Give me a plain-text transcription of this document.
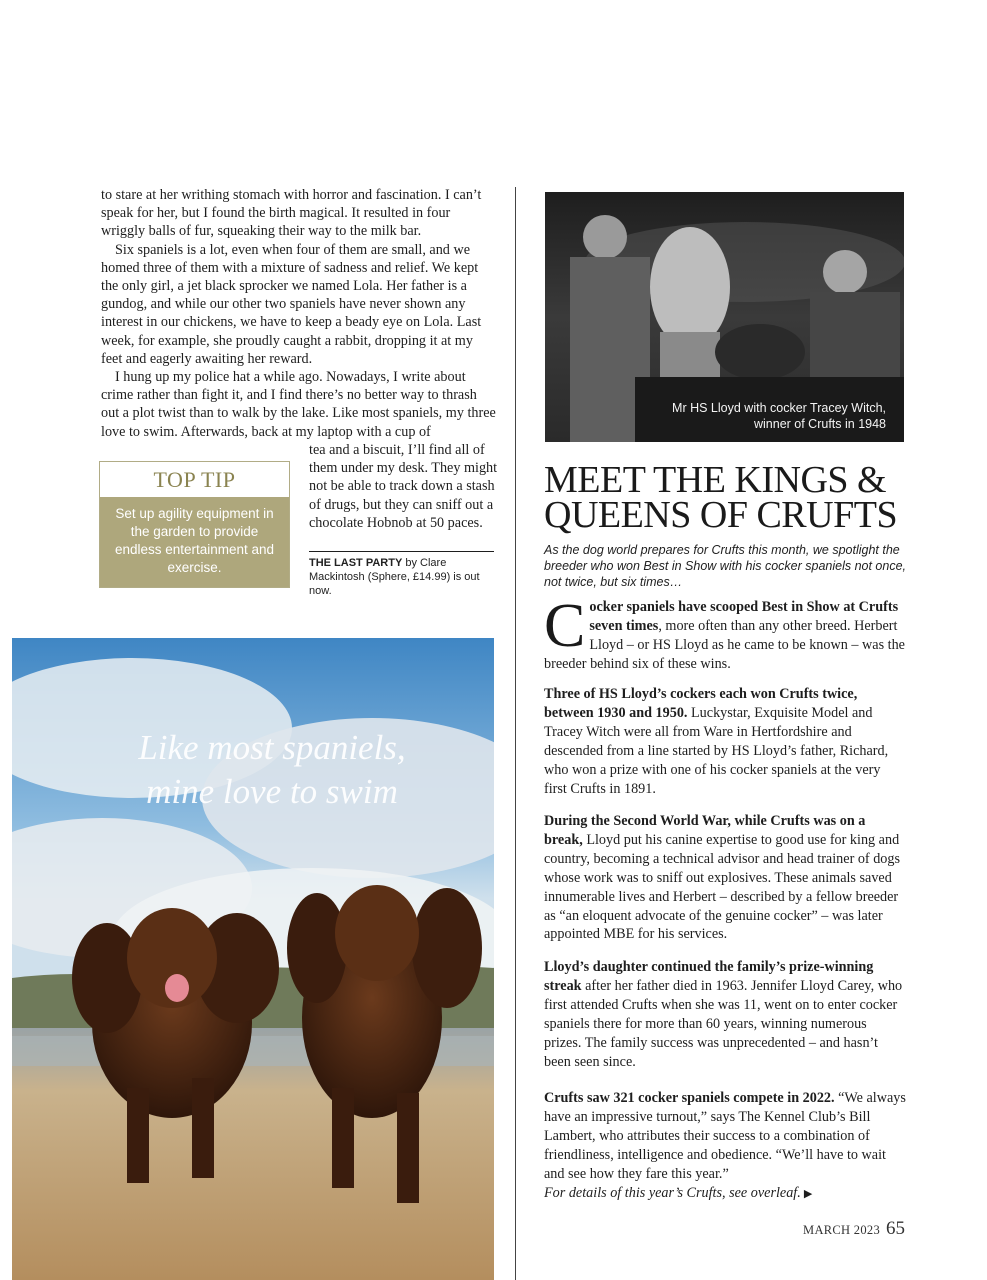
to stare at her writhing stomach with horror and fascination. I can’t speak for her, but I found the birth magical. It resulted in four wriggly balls of fur, squeaking their way to the milk bar.

Six spaniels is a lot, even when four of them are small, and we homed three of them with a mixture of sadness and relief. We kept the only girl, a jet black sprocker we named Lola. Her father is a gundog, and while our other two spaniels have never shown any interest in our chickens, we have to keep a beady eye on Lola. Last week, for example, she proudly caught a rabbit, dropping it at my feet and eagerly awaiting her reward.

I hung up my police hat a while ago. Nowadays, I write about crime rather than fight it, and I find there’s no better way to thrash out a plot twist than to walk by the lake. Like most spaniels, my three love to swim. Afterwards, back at my laptop with a cup of

tea and a biscuit, I’ll find all of them under my desk. They might not be able to track down a stash of drugs, but they can sniff out a chocolate Hobnob at 50 paces.

THE LAST PARTY by Clare Mackintosh (Sphere, £14.99) is out now.
TOP TIP
Set up agility equipment in the garden to provide endless entertainment and exercise.
Like most spaniels,
mine love to swim
Mr HS Lloyd with cocker Tracey Witch,
winner of Crufts in 1948
MEET THE KINGS &
QUEENS OF CRUFTS
As the dog world prepares for Crufts this month, we spotlight the breeder who won Best in Show with his cocker spaniels not once, not twice, but six times…
Cocker spaniels have scooped Best in Show at Crufts seven times, more often than any other breed. Herbert Lloyd – or HS Lloyd as he came to be known – was the breeder behind six of these wins.
Three of HS Lloyd’s cockers each won Crufts twice, between 1930 and 1950. Luckystar, Exquisite Model and Tracey Witch were all from Ware in Hertfordshire and descended from a line started by HS Lloyd’s father, Richard, who won a prize with one of his cocker spaniels at the very first Crufts in 1891.
During the Second World War, while Crufts was on a break, Lloyd put his canine expertise to good use for king and country, becoming a technical advisor and head trainer of dogs whose work was to sniff out explosives. These animals saved innumerable lives and Herbert – described by a fellow breeder as “an eloquent advocate of the genuine cocker” – was later appointed MBE for his services.
Lloyd’s daughter continued the family’s prize-winning streak after her father died in 1963. Jennifer Lloyd Carey, who first attended Crufts when she was 11, went on to enter cocker spaniels there for more than 60 years, winning numerous prizes. The family success was unprecedented – and hasn’t been seen since.
Crufts saw 321 cocker spaniels compete in 2022. “We always have an impressive turnout,” says The Kennel Club’s Bill Lambert, who attributes their success to a combination of friendliness, intelligence and obedience. “We’ll have to wait and see how they fare this year.”
For details of this year’s Crufts, see overleaf. ▶
MARCH 2023 65
